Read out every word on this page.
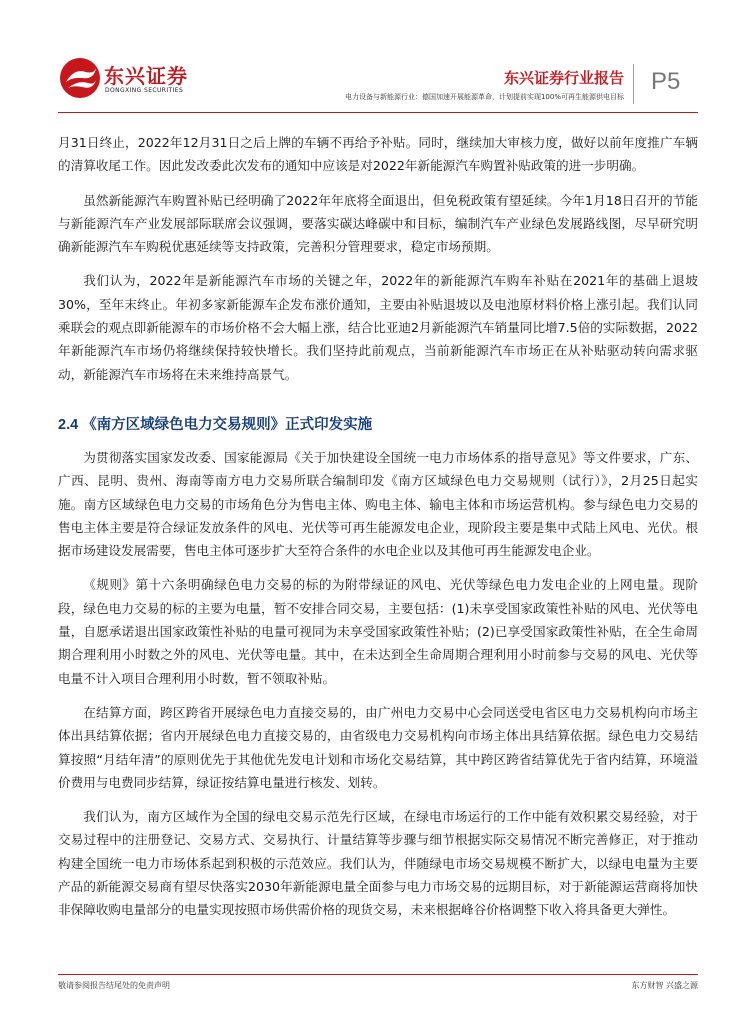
东兴证券
DONGXING SECURITIES
东兴证券行业报告
电力设备与新能源行业：德国加速开展能源革命，计划提前实现100%可再生能源供电目标
P5

月31日终止，2022年12月31日之后上牌的车辆不再给予补贴。同时，继续加大审核力度，做好以前年度推广车辆的清算收尾工作。因此发改委此次发布的通知中应该是对2022年新能源汽车购置补贴政策的进一步明确。

虽然新能源汽车购置补贴已经明确了2022年年底将全面退出，但免税政策有望延续。今年1月18日召开的节能与新能源汽车产业发展部际联席会议强调，要落实碳达峰碳中和目标，编制汽车产业绿色发展路线图，尽早研究明确新能源汽车车购税优惠延续等支持政策，完善积分管理要求，稳定市场预期。

我们认为，2022年是新能源汽车市场的关键之年，2022年的新能源汽车购车补贴在2021年的基础上退坡30%，至年末终止。年初多家新能源车企发布涨价通知，主要由补贴退坡以及电池原材料价格上涨引起。我们认同乘联会的观点即新能源车的市场价格不会大幅上涨，结合比亚迪2月新能源汽车销量同比增7.5倍的实际数据，2022年新能源汽车市场仍将继续保持较快增长。我们坚持此前观点，当前新能源汽车市场正在从补贴驱动转向需求驱动，新能源汽车市场将在未来维持高景气。

2.4 《南方区域绿色电力交易规则》正式印发实施

为贯彻落实国家发改委、国家能源局《关于加快建设全国统一电力市场体系的指导意见》等文件要求，广东、广西、昆明、贵州、海南等南方电力交易所联合编制印发《南方区域绿色电力交易规则（试行）》，2月25日起实施。南方区域绿色电力交易的市场角色分为售电主体、购电主体、输电主体和市场运营机构。参与绿色电力交易的售电主体主要是符合绿证发放条件的风电、光伏等可再生能源发电企业，现阶段主要是集中式陆上风电、光伏。根据市场建设发展需要，售电主体可逐步扩大至符合条件的水电企业以及其他可再生能源发电企业。

《规则》第十六条明确绿色电力交易的标的为附带绿证的风电、光伏等绿色电力发电企业的上网电量。现阶段，绿色电力交易的标的主要为电量，暂不安排合同交易，主要包括：(1)未享受国家政策性补贴的风电、光伏等电量，自愿承诺退出国家政策性补贴的电量可视同为未享受国家政策性补贴；(2)已享受国家政策性补贴，在全生命周期合理利用小时数之外的风电、光伏等电量。其中，在未达到全生命周期合理利用小时前参与交易的风电、光伏等电量不计入项目合理利用小时数，暂不领取补贴。

在结算方面，跨区跨省开展绿色电力直接交易的，由广州电力交易中心会同送受电省区电力交易机构向市场主体出具结算依据；省内开展绿色电力直接交易的，由省级电力交易机构向市场主体出具结算依据。绿色电力交易结算按照“月结年清”的原则优先于其他优先发电计划和市场化交易结算，其中跨区跨省结算优先于省内结算，环境溢价费用与电费同步结算，绿证按结算电量进行核发、划转。

我们认为，南方区域作为全国的绿电交易示范先行区域，在绿电市场运行的工作中能有效积累交易经验，对于交易过程中的注册登记、交易方式、交易执行、计量结算等步骤与细节根据实际交易情况不断完善修正，对于推动构建全国统一电力市场体系起到积极的示范效应。我们认为，伴随绿电市场交易规模不断扩大，以绿电电量为主要产品的新能源交易商有望尽快落实2030年新能源电量全面参与电力市场交易的远期目标，对于新能源运营商将加快非保障收购电量部分的电量实现按照市场供需价格的现货交易，未来根据峰谷价格调整下收入将具备更大弹性。

敬请参阅报告结尾处的免责声明	东方财智 兴盛之源
